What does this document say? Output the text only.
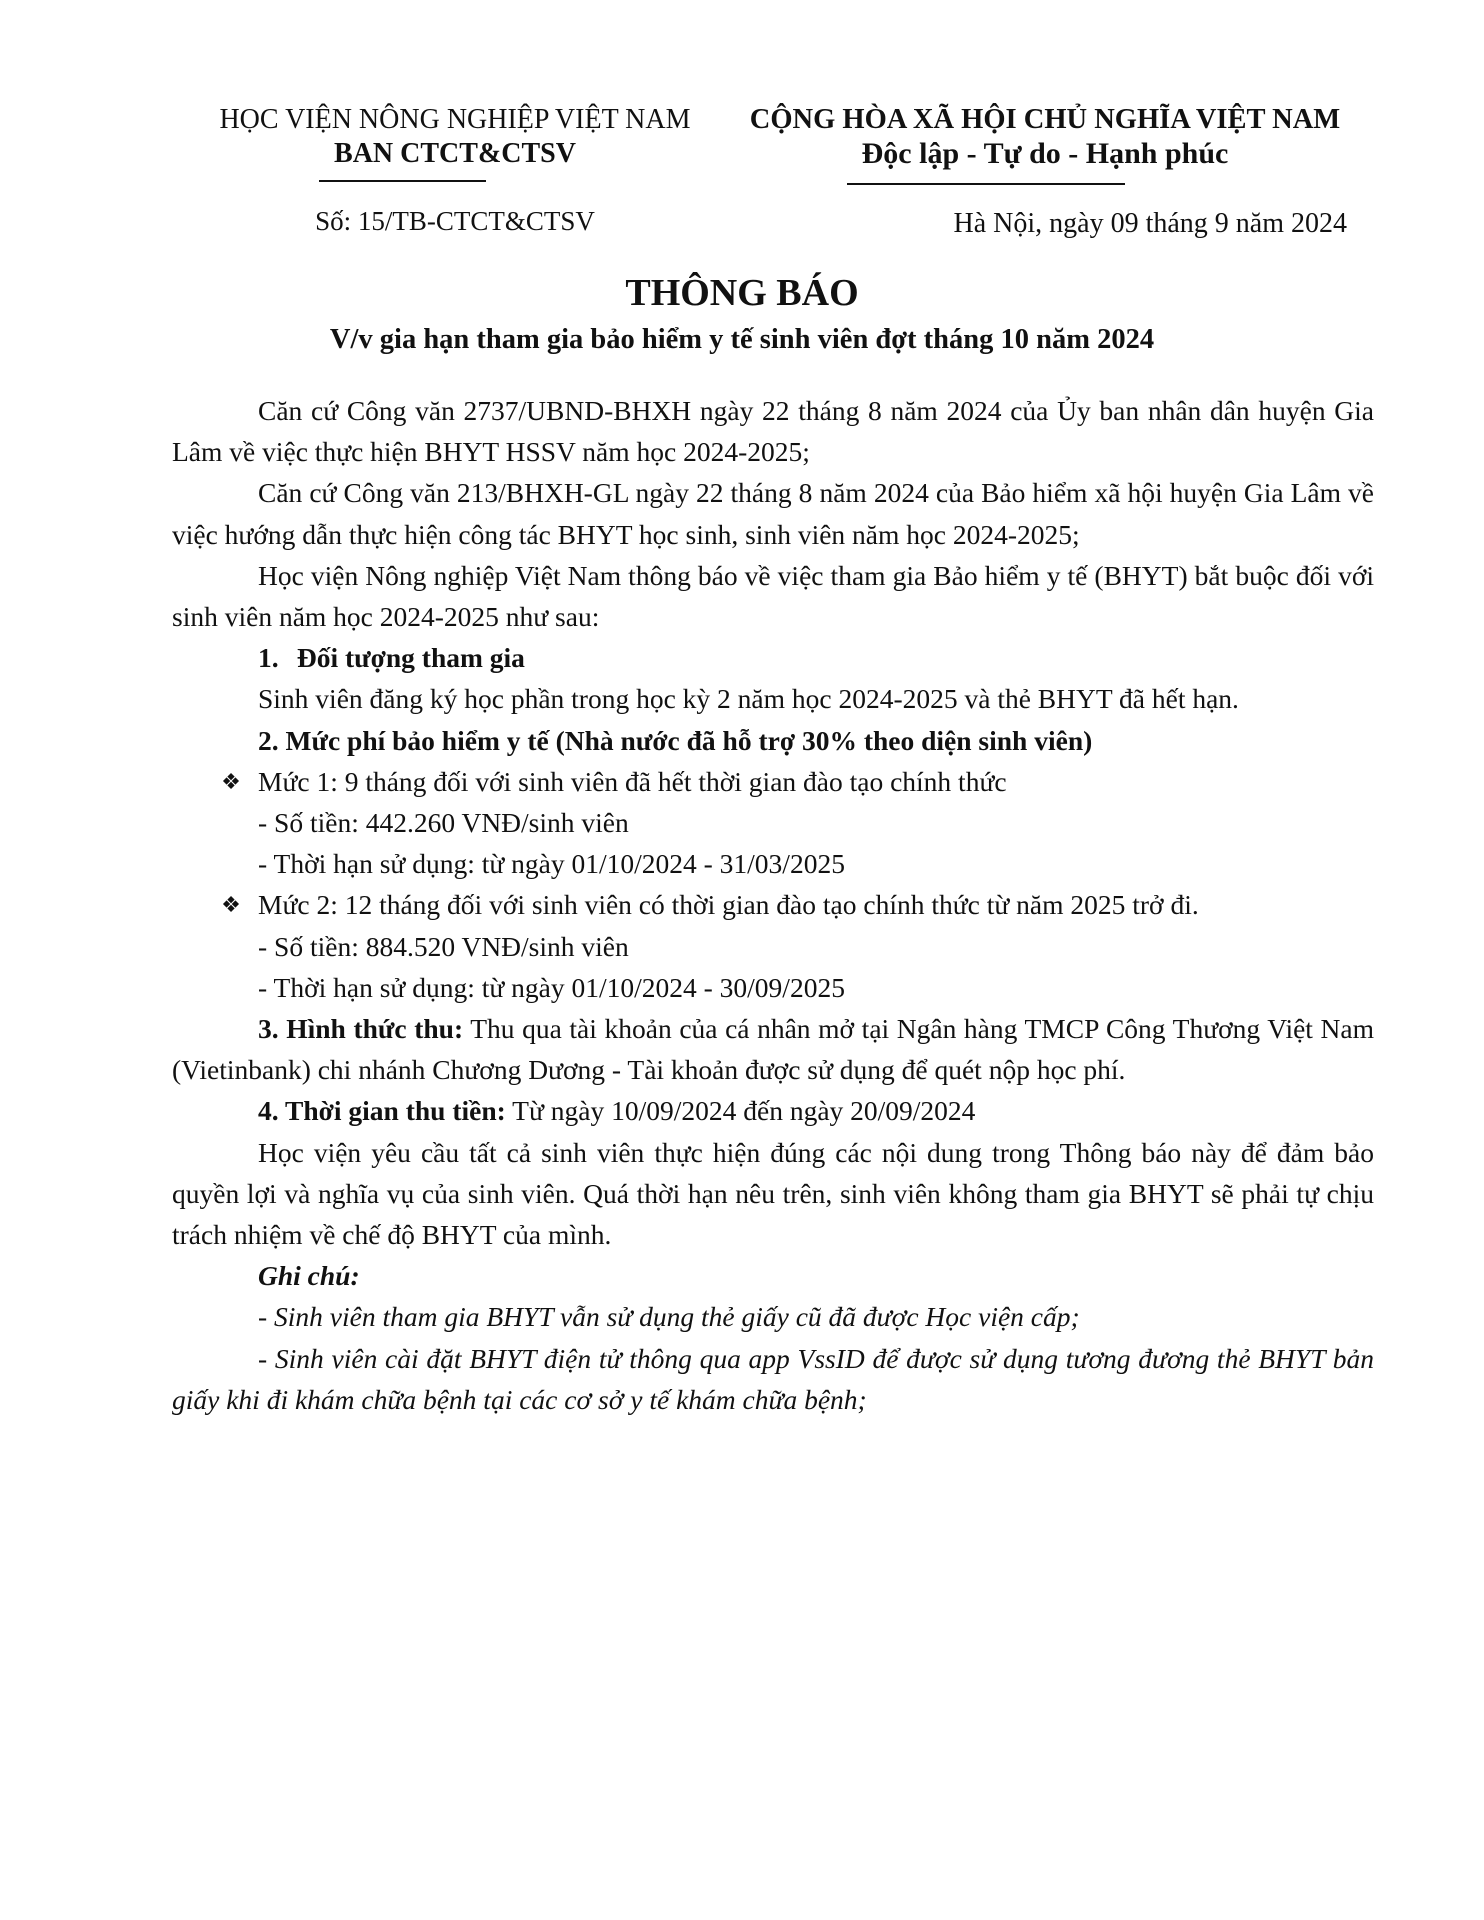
HỌC VIỆN NÔNG NGHIỆP VIỆT NAM
BAN CTCT&CTSV
CỘNG HÒA XÃ HỘI CHỦ NGHĨA VIỆT NAM
Độc lập - Tự do - Hạnh phúc
Số: 15/TB-CTCT&CTSV	Hà Nội, ngày 09 tháng 9 năm 2024
THÔNG BÁO
V/v gia hạn tham gia bảo hiểm y tế sinh viên đợt tháng 10 năm 2024

Căn cứ Công văn 2737/UBND-BHXH ngày 22 tháng 8 năm 2024 của Ủy ban nhân dân huyện Gia Lâm về việc thực hiện BHYT HSSV năm học 2024-2025;

Căn cứ Công văn 213/BHXH-GL ngày 22 tháng 8 năm 2024 của Bảo hiểm xã hội huyện Gia Lâm về việc hướng dẫn thực hiện công tác BHYT học sinh, sinh viên năm học 2024-2025;

Học viện Nông nghiệp Việt Nam thông báo về việc tham gia Bảo hiểm y tế (BHYT) bắt buộc đối với sinh viên năm học 2024-2025 như sau:

1. Đối tượng tham gia

Sinh viên đăng ký học phần trong học kỳ 2 năm học 2024-2025 và thẻ BHYT đã hết hạn.

2. Mức phí bảo hiểm y tế (Nhà nước đã hỗ trợ 30% theo diện sinh viên)

❖ Mức 1: 9 tháng đối với sinh viên đã hết thời gian đào tạo chính thức

- Số tiền: 442.260 VNĐ/sinh viên

- Thời hạn sử dụng: từ ngày 01/10/2024 - 31/03/2025

❖ Mức 2: 12 tháng đối với sinh viên có thời gian đào tạo chính thức từ năm 2025 trở đi.

- Số tiền: 884.520 VNĐ/sinh viên

- Thời hạn sử dụng: từ ngày 01/10/2024 - 30/09/2025

3. Hình thức thu: Thu qua tài khoản của cá nhân mở tại Ngân hàng TMCP Công Thương Việt Nam (Vietinbank) chi nhánh Chương Dương - Tài khoản được sử dụng để quét nộp học phí.

4. Thời gian thu tiền: Từ ngày 10/09/2024 đến ngày 20/09/2024

Học viện yêu cầu tất cả sinh viên thực hiện đúng các nội dung trong Thông báo này để đảm bảo quyền lợi và nghĩa vụ của sinh viên. Quá thời hạn nêu trên, sinh viên không tham gia BHYT sẽ phải tự chịu trách nhiệm về chế độ BHYT của mình.

Ghi chú:

- Sinh viên tham gia BHYT vẫn sử dụng thẻ giấy cũ đã được Học viện cấp;

- Sinh viên cài đặt BHYT điện tử thông qua app VssID để được sử dụng tương đương thẻ BHYT bản giấy khi đi khám chữa bệnh tại các cơ sở y tế khám chữa bệnh;
